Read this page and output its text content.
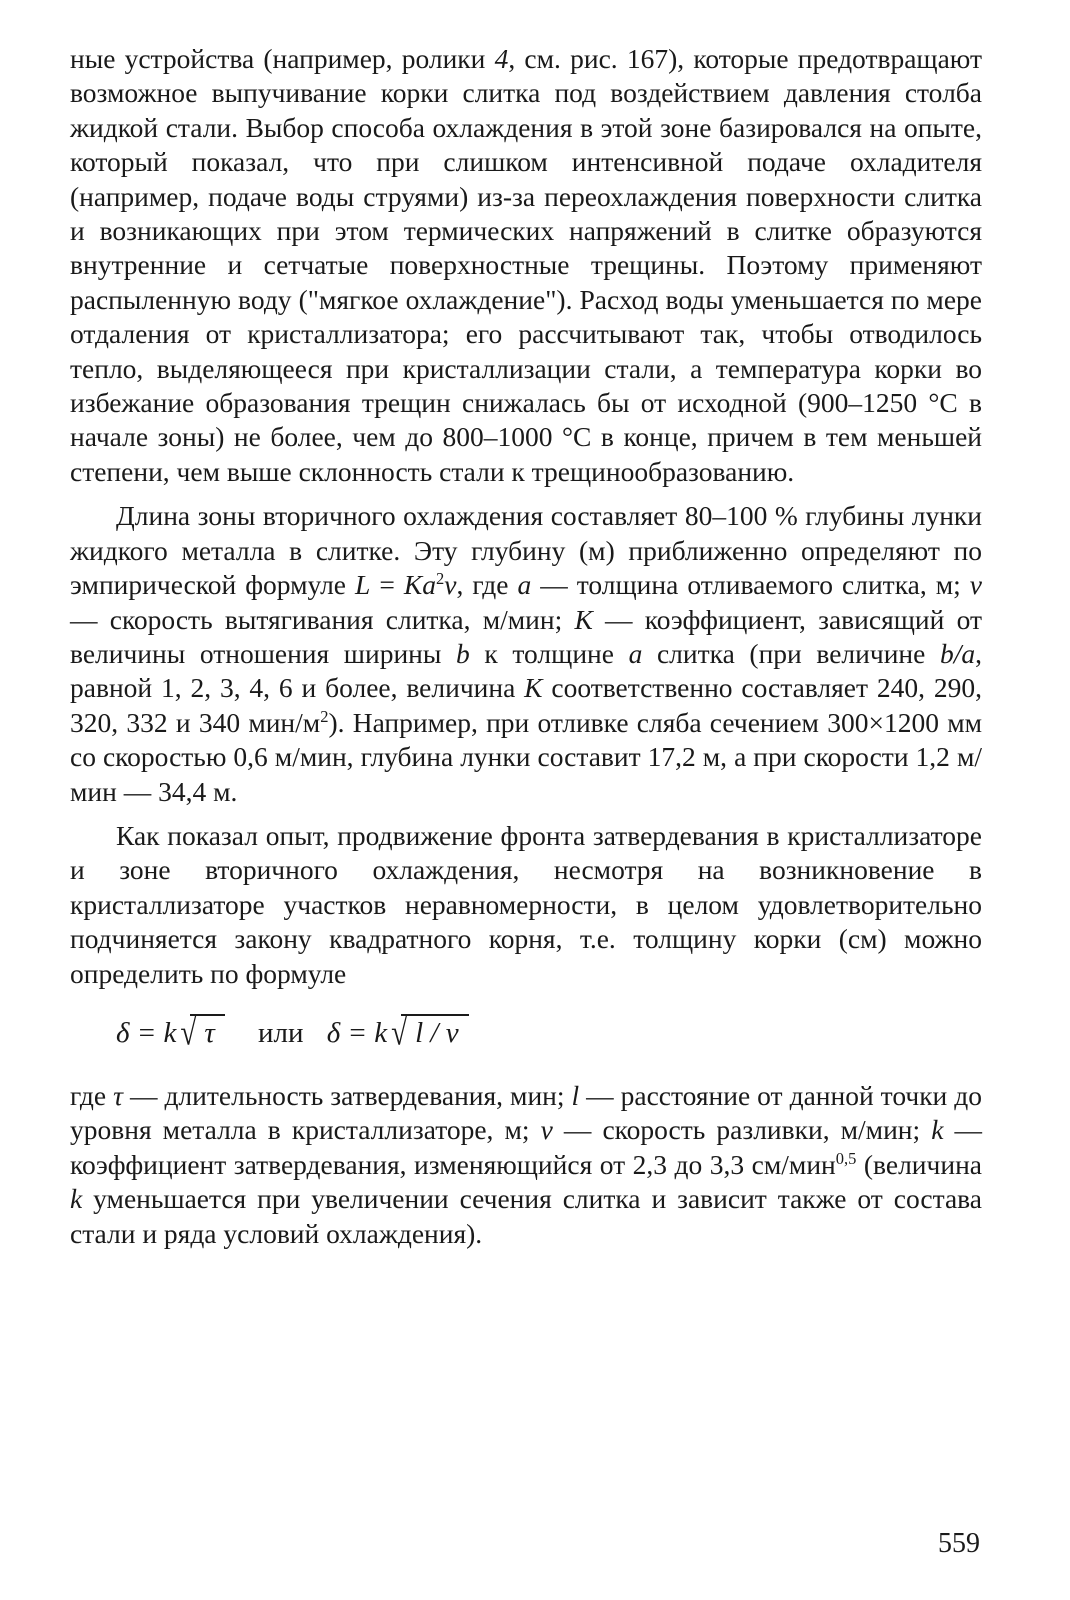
ные устройства (например, ролики 4, см. рис. 167), которые предотвращают возможное выпучивание корки слитка под воздействием давления столба жидкой стали. Выбор способа охлаждения в этой зоне базировался на опыте, который показал, что при слишком интенсивной подаче охладителя (например, подаче воды струями) из-за переохлаждения поверхности слитка и возникающих при этом термических напряжений в слитке образуются внутренние и сетчатые поверхностные трещины. Поэтому применяют распыленную воду ("мягкое охлаждение"). Расход воды уменьшается по мере отдаления от кристаллизатора; его рассчитывают так, чтобы отводилось тепло, выделяющееся при кристаллизации стали, а температура корки во избежание образования трещин снижалась бы от исходной (900–1250 °С в начале зоны) не более, чем до 800–1000 °С в конце, причем в тем меньшей степени, чем выше склонность стали к трещинообразованию.

Длина зоны вторичного охлаждения составляет 80–100 % глубины лунки жидкого металла в слитке. Эту глубину (м) приближенно определяют по эмпирической формуле $L = Ka^2v$, где a — толщина отливаемого слитка, м; v — скорость вытягивания слитка, м/мин; K — коэффициент, зависящий от величины отношения ширины b к толщине a слитка (при величине b/a, равной 1, 2, 3, 4, 6 и более, величина K соответственно составляет 240, 290, 320, 332 и 340 мин/$м^2$). Например, при отливке сляба сечением 300×1200 мм со скоростью 0,6 м/мин, глубина лунки составит 17,2 м, а при скорости 1,2 м/мин — 34,4 м.

Как показал опыт, продвижение фронта затвердевания в кристаллизаторе и зоне вторичного охлаждения, несмотря на возникновение в кристаллизаторе участков неравномерности, в целом удовлетворительно подчиняется закону квадратного корня, т.е. толщину корки (см) можно определить по формуле

δ = k √ τ или δ = k √ l / v

где τ — длительность затвердевания, мин; l — расстояние от данной точки до уровня металла в кристаллизаторе, м; v — скорость разливки, м/мин; k — коэффициент затвердевания, изменяющийся от 2,3 до 3,3 см/мин$^{0,5}$ (величина k уменьшается при увеличении сечения слитка и зависит также от состава стали и ряда условий охлаждения).

559
